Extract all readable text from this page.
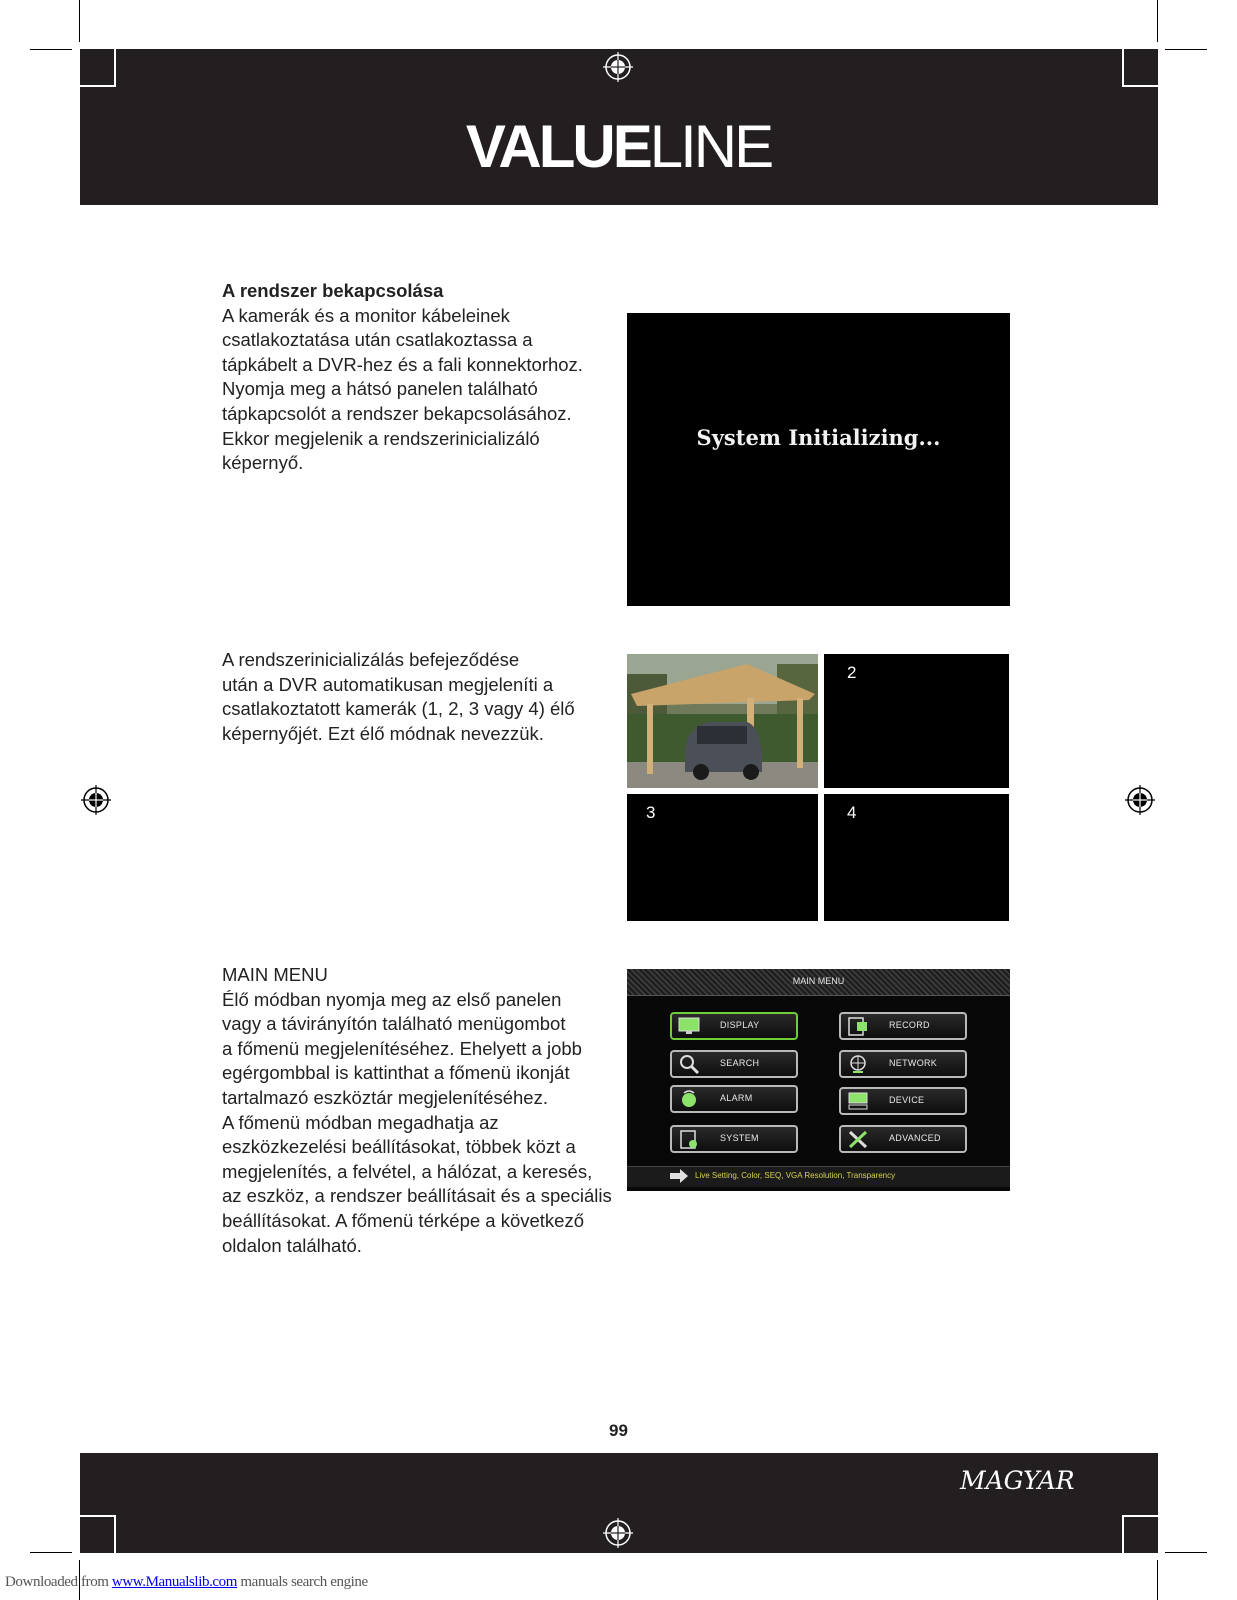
VALUELINE
A rendszer bekapcsolása
A kamerák és a monitor kábeleinek
csatlakoztatása után csatlakoztassa a
tápkábelt a DVR-hez és a fali konnektorhoz.
Nyomja meg a hátsó panelen található
tápkapcsolót a rendszer bekapcsolásához.
Ekkor megjelenik a rendszerinicializáló
képernyő.
System Initializing...
A rendszerinicializálás befejeződése
után a DVR automatikusan megjeleníti a
csatlakoztatott kamerák (1, 2, 3 vagy 4) élő
képernyőjét. Ezt élő módnak nevezzük.
2
3	4
MAIN MENU
Élő módban nyomja meg az első panelen
vagy a távirányítón található menügombot
a főmenü megjelenítéséhez. Ehelyett a jobb
egérgombbal is kattinthat a főmenü ikonját
tartalmazó eszköztár megjelenítéséhez.
A főmenü módban megadhatja az
eszközkezelési beállításokat, többek közt a
megjelenítés, a felvétel, a hálózat, a keresés,
az eszköz, a rendszer beállításait és a speciális
beállításokat. A főmenü térképe a következő
oldalon található.
MAIN MENU
DISPLAY	RECORD
SEARCH	NETWORK
ALARM	DEVICE
SYSTEM	ADVANCED
Live Setting, Color, SEQ, VGA Resolution, Transparency
99
MAGYAR
Downloaded from www.Manualslib.com manuals search engine
